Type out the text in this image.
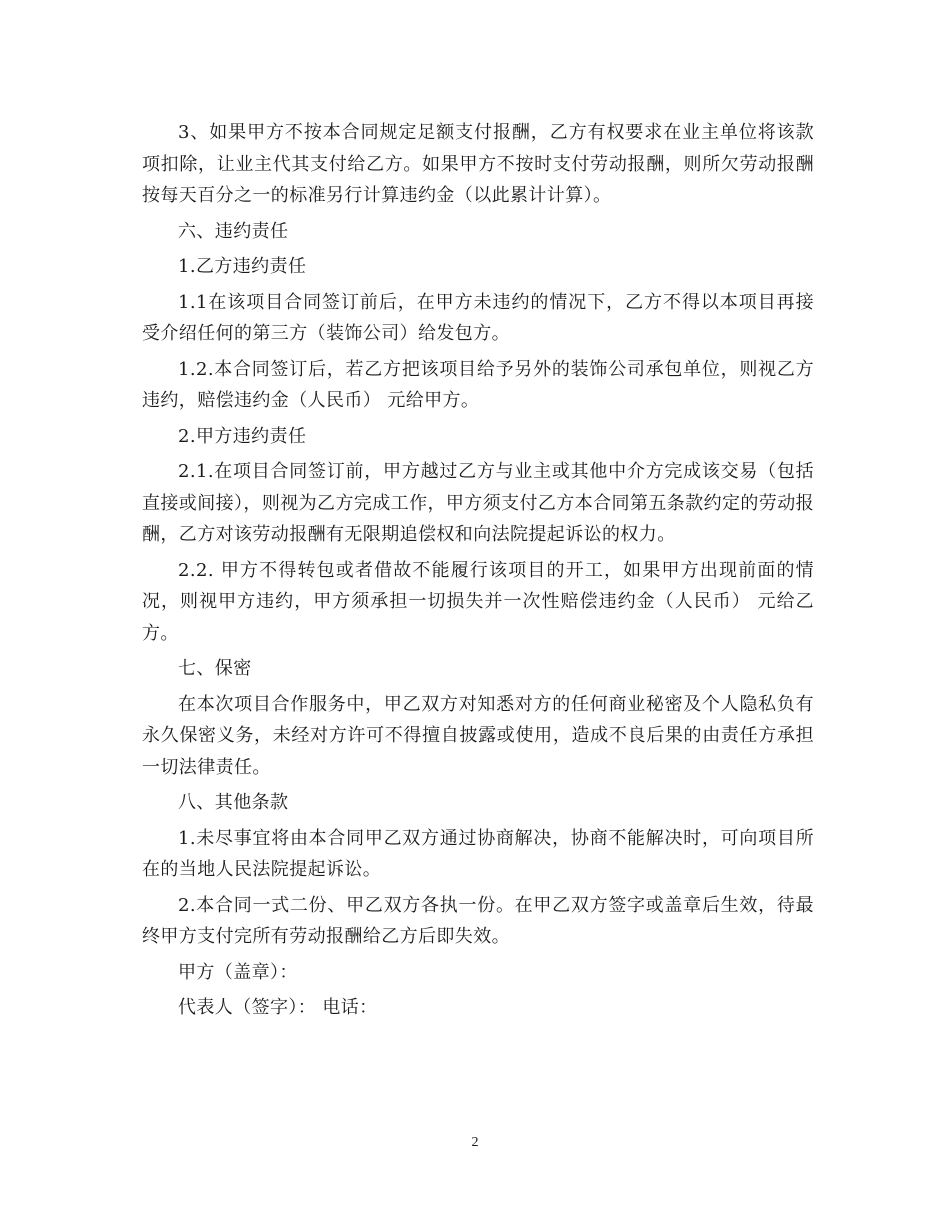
3、如果甲方不按本合同规定足额支付报酬，乙方有权要求在业主单位将该款项扣除，让业主代其支付给乙方。如果甲方不按时支付劳动报酬，则所欠劳动报酬按每天百分之一的标准另行计算违约金（以此累计计算）。

六、违约责任

1.乙方违约责任

1.1在该项目合同签订前后，在甲方未违约的情况下，乙方不得以本项目再接受介绍任何的第三方（装饰公司）给发包方。

1.2.本合同签订后，若乙方把该项目给予另外的装饰公司承包单位，则视乙方违约，赔偿违约金（人民币） 元给甲方。

2.甲方违约责任

2.1.在项目合同签订前，甲方越过乙方与业主或其他中介方完成该交易（包括直接或间接），则视为乙方完成工作，甲方须支付乙方本合同第五条款约定的劳动报酬，乙方对该劳动报酬有无限期追偿权和向法院提起诉讼的权力。

2.2. 甲方不得转包或者借故不能履行该项目的开工，如果甲方出现前面的情况，则视甲方违约，甲方须承担一切损失并一次性赔偿违约金（人民币） 元给乙方。

七、保密

在本次项目合作服务中，甲乙双方对知悉对方的任何商业秘密及个人隐私负有永久保密义务，未经对方许可不得擅自披露或使用，造成不良后果的由责任方承担一切法律责任。

八、其他条款

1.未尽事宜将由本合同甲乙双方通过协商解决，协商不能解决时，可向项目所在的当地人民法院提起诉讼。

2.本合同一式二份、甲乙双方各执一份。在甲乙双方签字或盖章后生效，待最终甲方支付完所有劳动报酬给乙方后即失效。

甲方（盖章）：

代表人（签字）： 电话：

2
